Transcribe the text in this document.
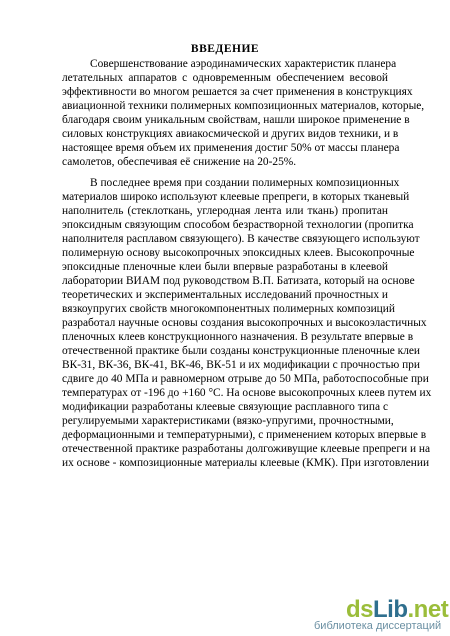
ВВЕДЕНИЕ
Совершенствование аэродинамических характеристик планера
летательных аппаратов с одновременным обеспечением весовой
эффективности во многом решается за счет применения в конструкциях
авиационной техники полимерных композиционных материалов, которые,
благодаря своим уникальным свойствам, нашли широкое применение в
силовых конструкциях авиакосмической и других видов техники, и в
настоящее время объем их применения достиг 50% от массы планера
самолетов, обеспечивая её снижение на 20-25%.
В последнее время при создании полимерных композиционных
материалов широко используют клеевые препреги, в которых тканевый
наполнитель (стеклоткань, углеродная лента или ткань) пропитан
эпоксидным связующим способом безрастворной технологии (пропитка
наполнителя расплавом связующего). В качестве связующего используют
полимерную основу высокопрочных эпоксидных клеев. Высокопрочные
эпоксидные пленочные клеи были впервые разработаны в клеевой
лаборатории ВИАМ под руководством В.П. Батизата, который на основе
теоретических и экспериментальных исследований прочностных и
вязкоупругих свойств многокомпонентных полимерных композиций
разработал научные основы создания высокопрочных и высокоэластичных
пленочных клеев конструкционного назначения. В результате впервые в
отечественной практике были созданы конструкционные пленочные клеи
ВК-31, ВК-36, ВК-41, ВК-46, ВК-51 и их модификации с прочностью при
сдвиге до 40 МПа и равномерном отрыве до 50 МПа, работоспособные при
температурах от -196 до +160 °С. На основе высокопрочных клеев путем их
модификации разработаны клеевые связующие расплавного типа с
регулируемыми характеристиками (вязко-упругими, прочностными,
деформационными и температурными), с применением которых впервые в
отечественной практике разработаны долгоживущие клеевые препреги и на
их основе - композиционные материалы клеевые (КМК). При изготовлении
dsLib.net
библиотека диссертаций
